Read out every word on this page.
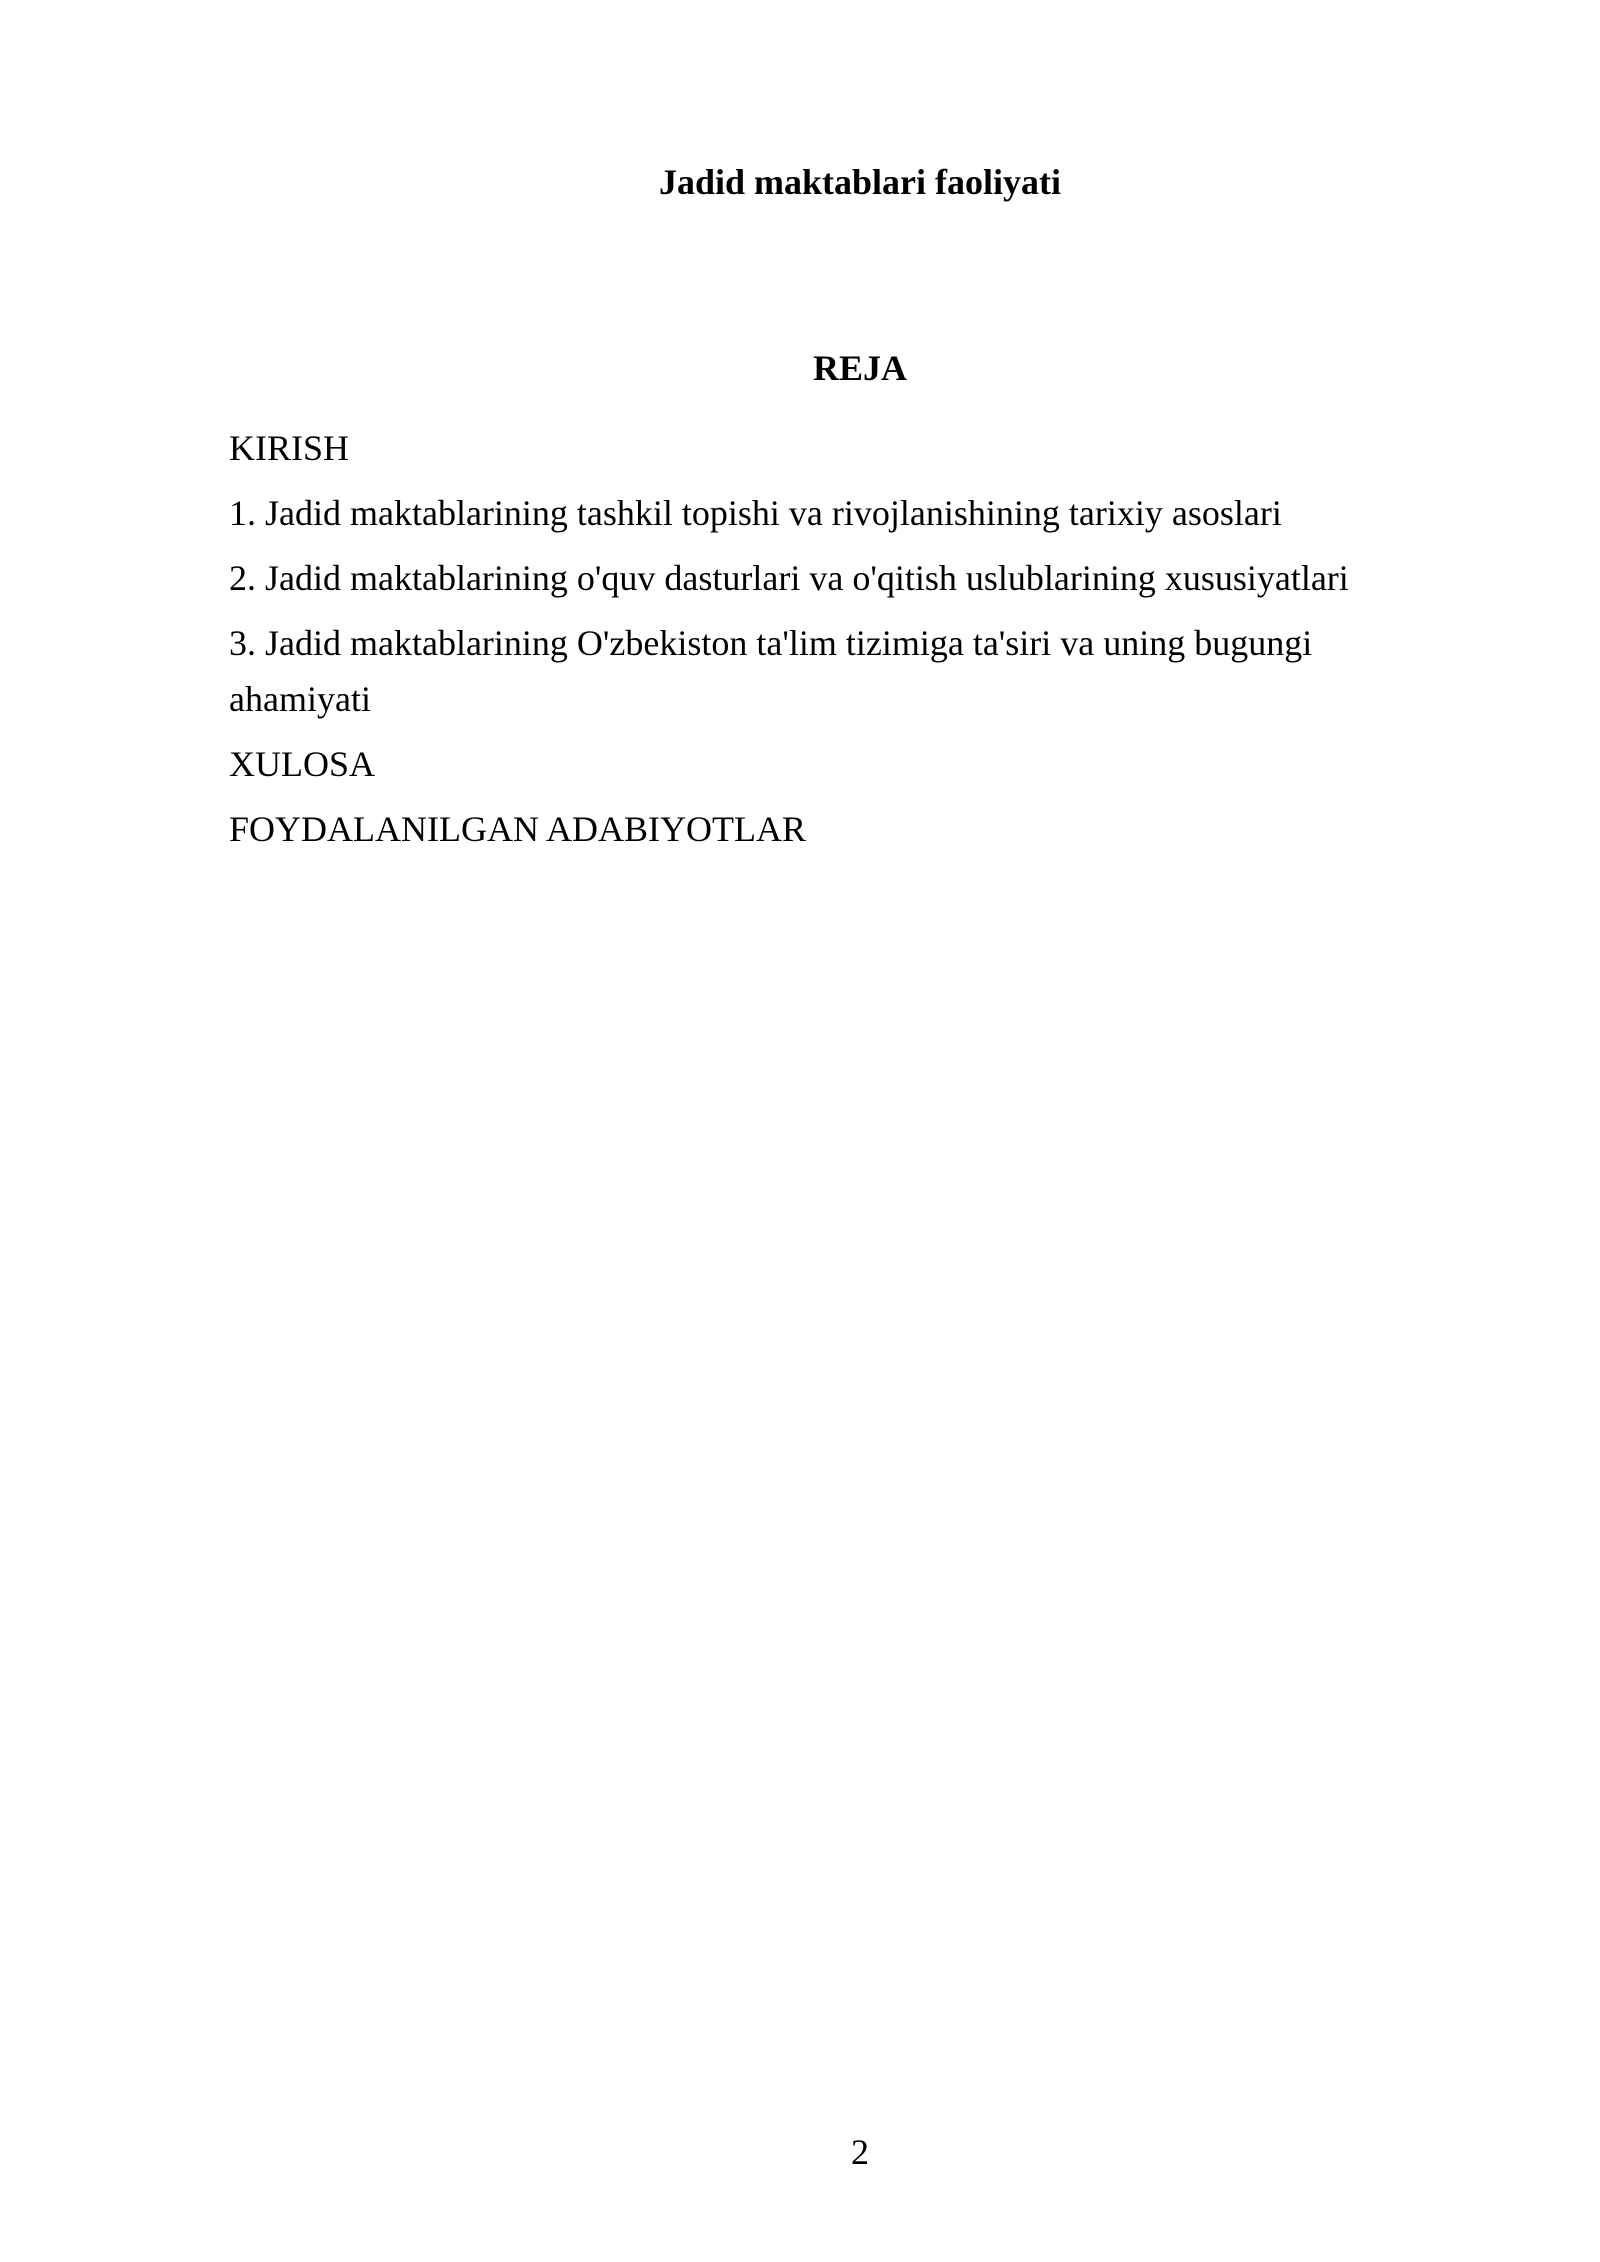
Jadid maktablari faoliyati
REJA
KIRISH
1. Jadid maktablarining tashkil topishi va rivojlanishining tarixiy asoslari
2. Jadid maktablarining o'quv dasturlari va o'qitish uslublarining xususiyatlari
3. Jadid maktablarining O'zbekiston ta'lim tizimiga ta'siri va uning bugungi ahamiyati
XULOSA
FOYDALANILGAN ADABIYOTLAR
2
